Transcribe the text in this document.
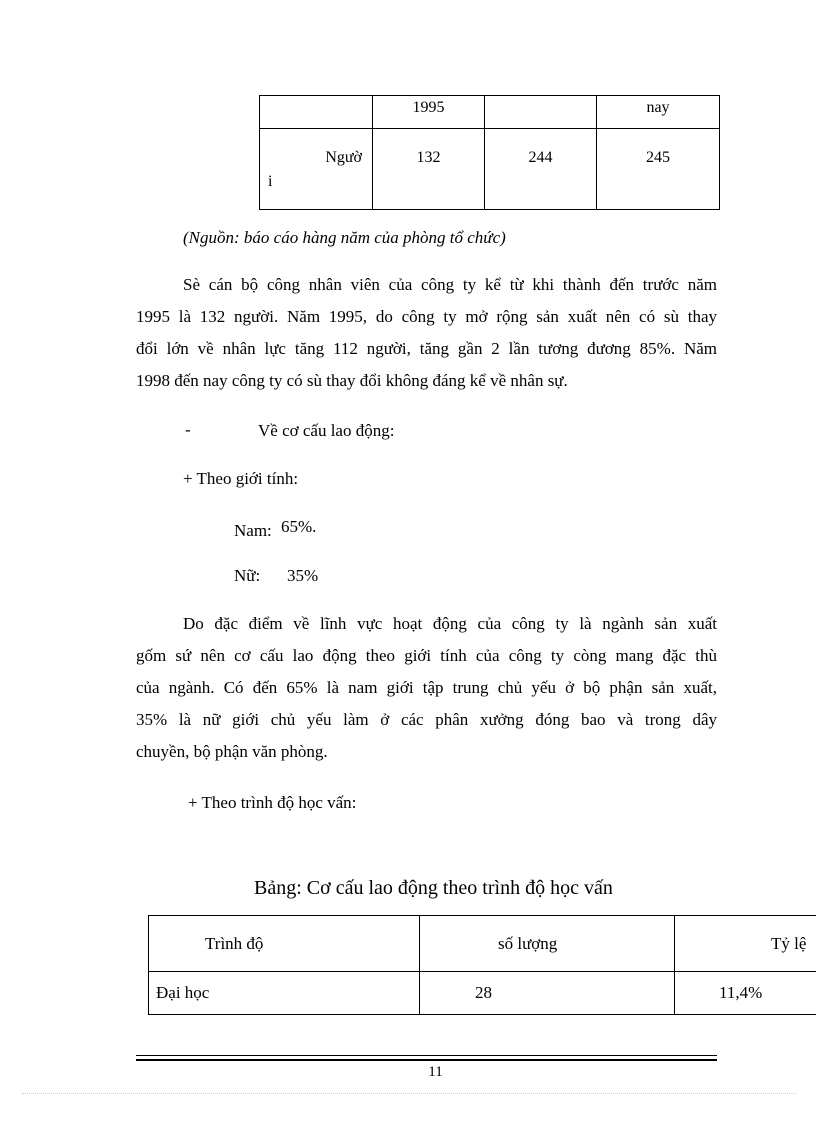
	1995		nay

Ngườ
i	132	244	245
(Nguồn: báo cáo hàng năm của phòng tổ chức)
Sè cán bộ công nhân viên của công ty kể từ khi thành đến trước năm
1995 là 132 người. Năm 1995, do công ty mở rộng sản xuất nên có sù thay
đổi lớn về nhân lực tăng 112 người, tăng gần 2 lần tương đương 85%. Năm
1998 đến nay công ty có sù thay đổi không đáng kể về nhân sự.
-	Về cơ cấu lao động:
+ Theo giới tính:
Nam: 65%.
Nữ: 35%
Do đặc điểm về lĩnh vực hoạt động của công ty là ngành sản xuất
gốm sứ nên cơ cấu lao động theo giới tính của công ty còng mang đặc thù
của ngành. Có đến 65% là nam giới tập trung chủ yếu ở bộ phận sản xuất,
35% là nữ giới chủ yếu làm ở các phân xưởng đóng bao và trong dây
chuyền, bộ phận văn phòng.
+ Theo trình độ học vấn:
Bảng: Cơ cấu lao động theo trình độ học vấn
Trình độ	số lượng	Tỷ lệ
Đại học	28	11,4%
11
